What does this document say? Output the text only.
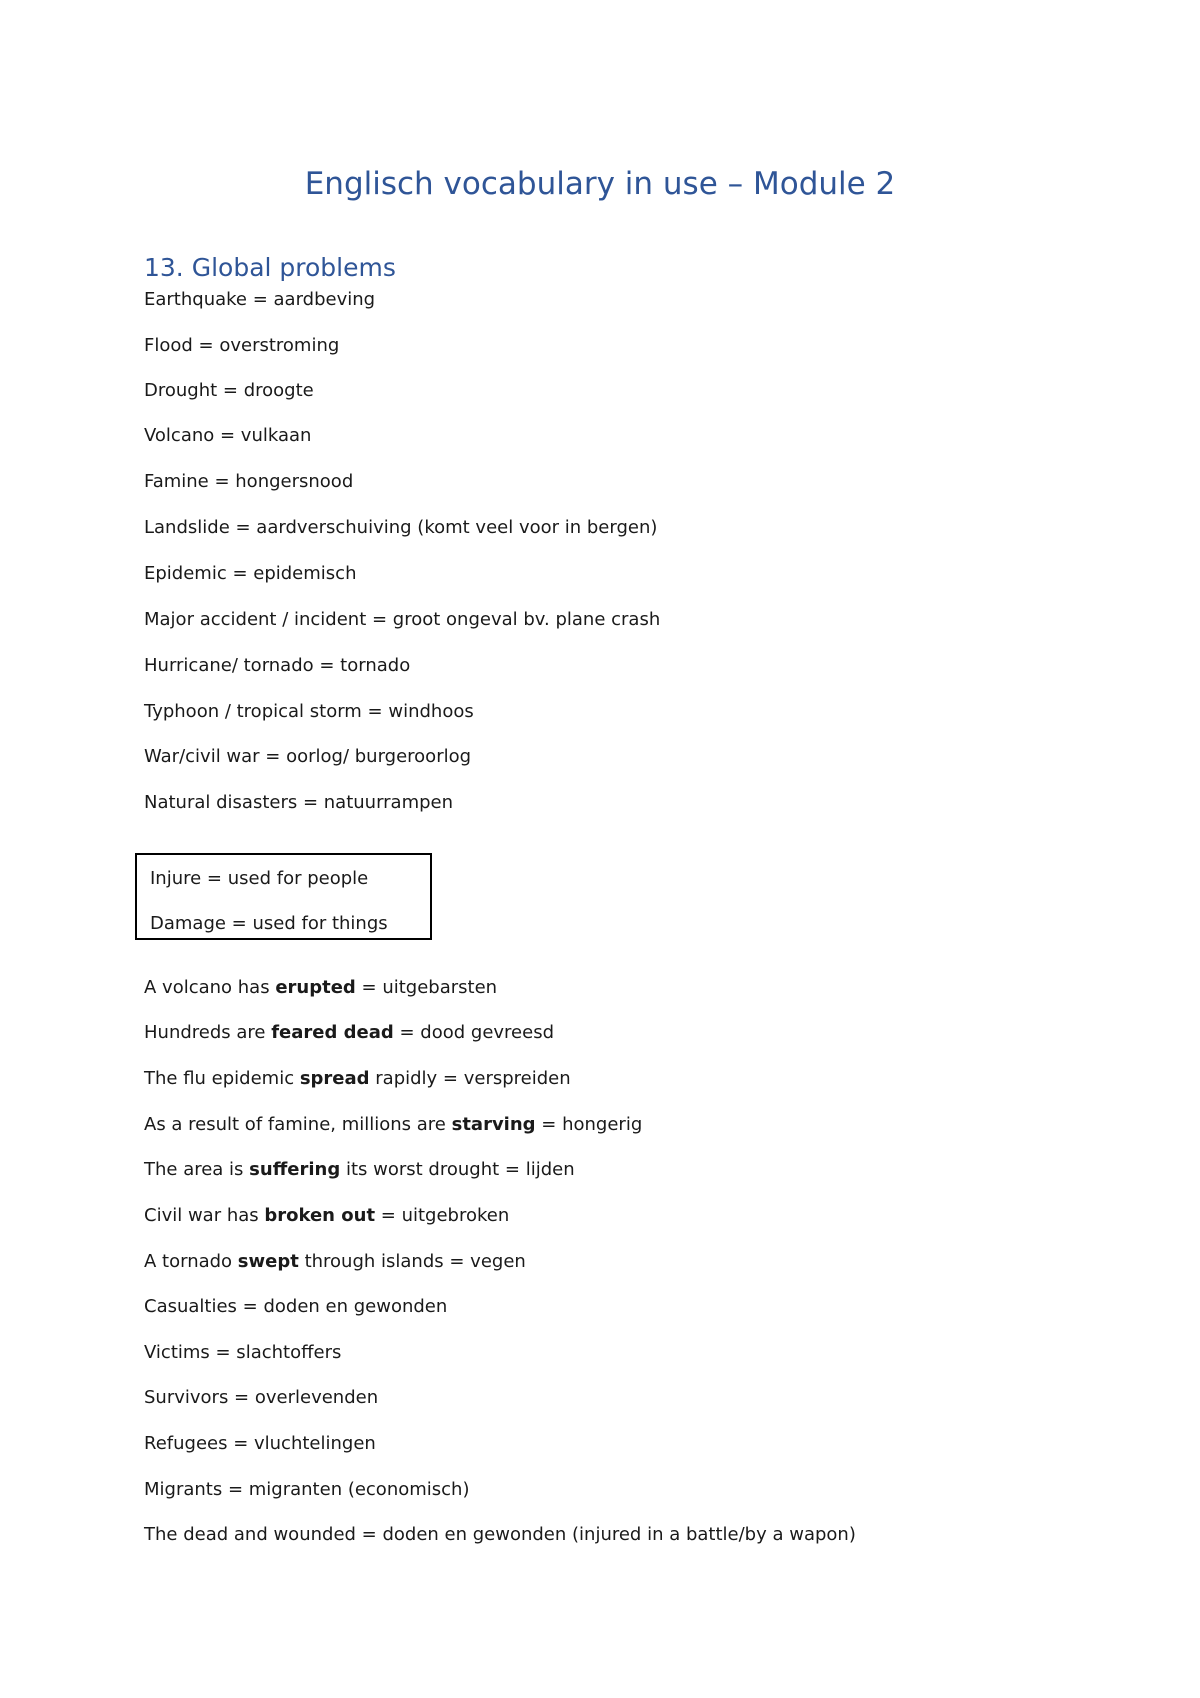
Englisch vocabulary in use – Module 2
13. Global problems
Earthquake = aardbeving
Flood = overstroming
Drought = droogte
Volcano = vulkaan
Famine = hongersnood
Landslide = aardverschuiving (komt veel voor in bergen)
Epidemic = epidemisch
Major accident / incident = groot ongeval bv. plane crash
Hurricane/ tornado = tornado
Typhoon / tropical storm = windhoos
War/civil war = oorlog/ burgeroorlog
Natural disasters = natuurrampen
Injure = used for people
Damage = used for things
A volcano has erupted = uitgebarsten
Hundreds are feared dead = dood gevreesd
The flu epidemic spread rapidly = verspreiden
As a result of famine, millions are starving = hongerig
The area is suffering its worst drought = lijden
Civil war has broken out = uitgebroken
A tornado swept through islands = vegen
Casualties = doden en gewonden
Victims = slachtoffers
Survivors = overlevenden
Refugees = vluchtelingen
Migrants = migranten (economisch)
The dead and wounded = doden en gewonden (injured in a battle/by a wapon)
